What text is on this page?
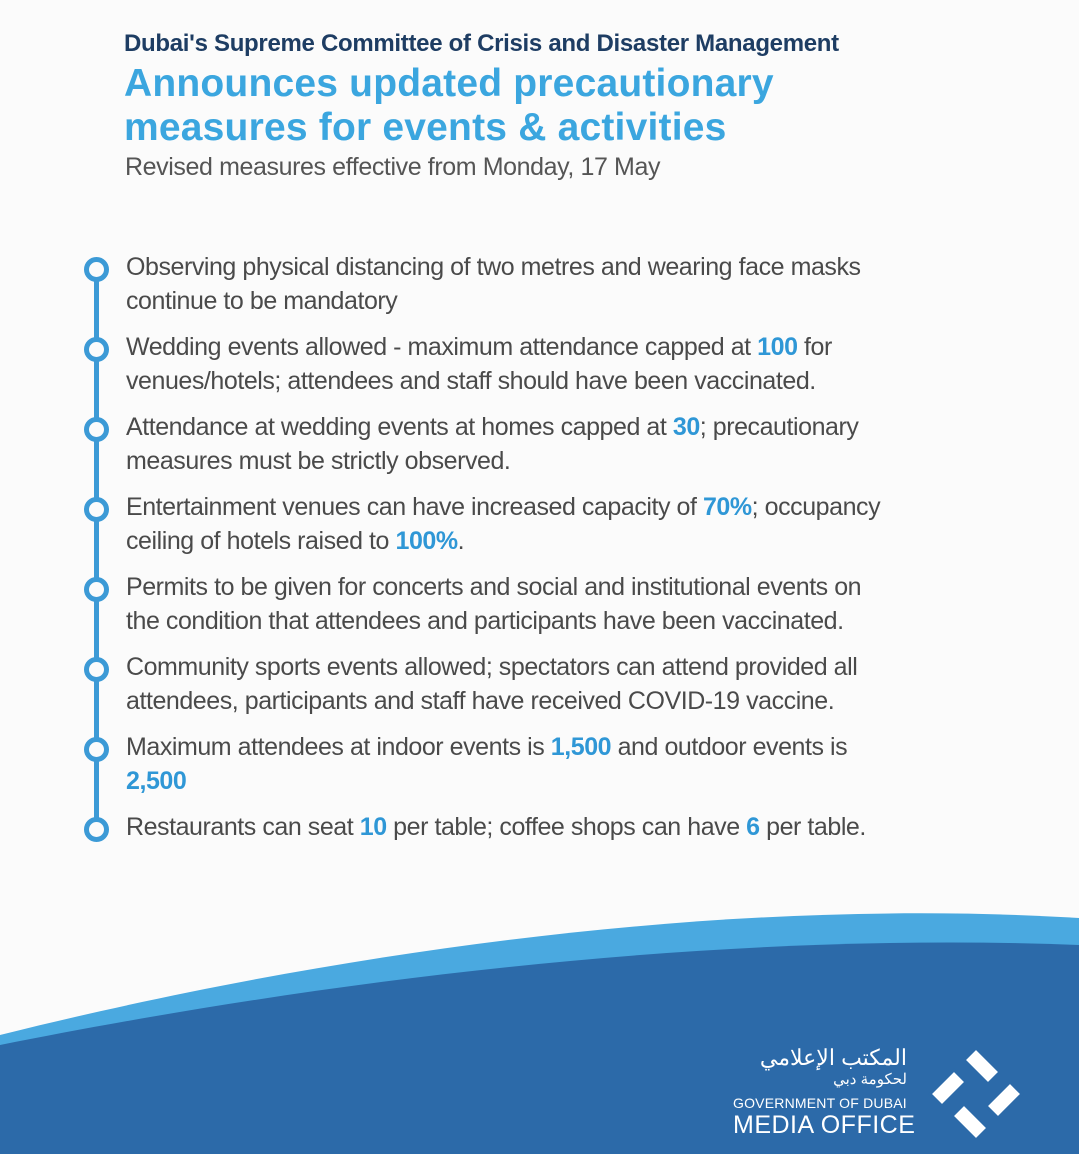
Dubai's Supreme Committee of Crisis and Disaster Management
Announces updated precautionary
measures for events & activities
Revised measures effective from Monday, 17 May
Observing physical distancing of two metres and wearing face masks
continue to be mandatory
Wedding events allowed - maximum attendance capped at 100 for
venues/hotels; attendees and staff should have been vaccinated.
Attendance at wedding events at homes capped at 30; precautionary
measures must be strictly observed.
Entertainment venues can have increased capacity of 70%; occupancy
ceiling of hotels raised to 100%.
Permits to be given for concerts and social and institutional events on
the condition that attendees and participants have been vaccinated.
Community sports events allowed; spectators can attend provided all
attendees, participants and staff have received COVID-19 vaccine.
Maximum attendees at indoor events is 1,500 and outdoor events is
2,500
Restaurants can seat 10 per table; coffee shops can have 6 per table.
المكتب الإعلامي
لحكومة دبي
GOVERNMENT OF DUBAI
MEDIA OFFICE
